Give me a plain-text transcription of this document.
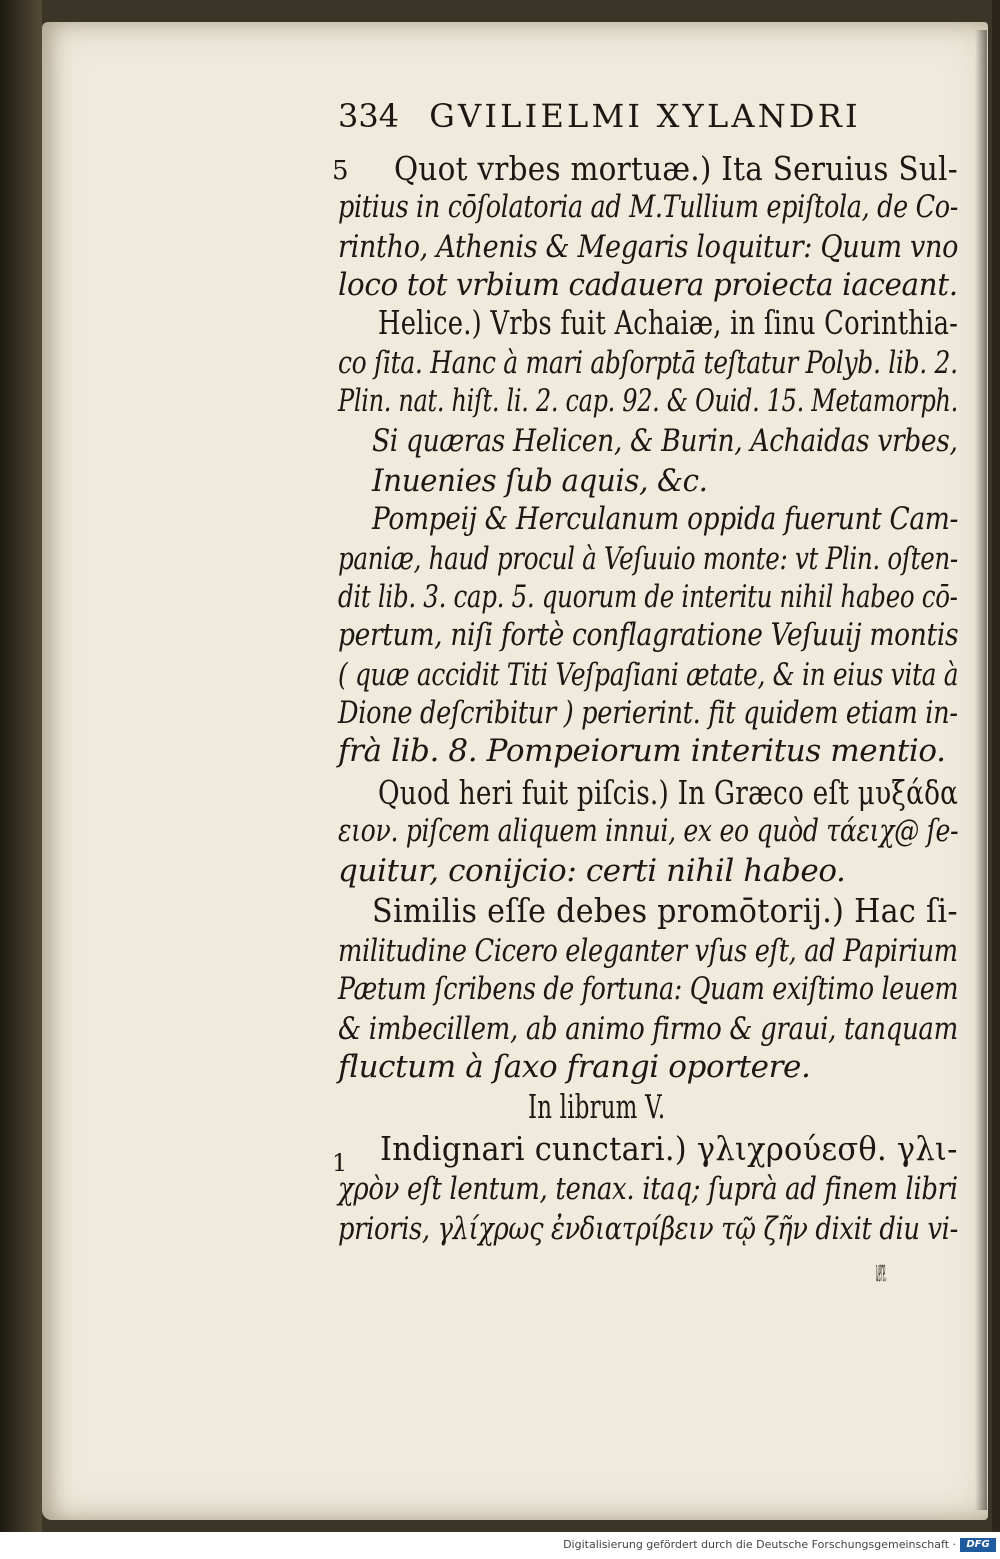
334 GVILIELMI XYLANDRI
5
1
Quot vrbes mortuæ.) Ita Seruius Sul-
pitius in cōſolatoria ad M.Tullium epiſtola, de Co-
rintho, Athenis & Megaris loquitur: Quum vno
loco tot vrbium cadauera proiecta iaceant.
Helice.) Vrbs fuit Achaiæ, in ſinu Corinthia-
co ſita. Hanc à mari abſorptā teſtatur Polyb. lib. 2.
Plin. nat. hiſt. li. 2. cap. 92. & Ouid. 15. Metamorph.
Si quæras Helicen, & Burin, Achaidas vrbes,
Inuenies ſub aquis, &c.
Pompeij & Herculanum oppida fuerunt Cam-
paniæ, haud procul à Veſuuio monte: vt Plin. oſten-
dit lib. 3. cap. 5. quorum de interitu nihil habeo cō-
pertum, niſi fortè conflagratione Veſuuij montis
( quæ accidit Titi Veſpaſiani ætate, & in eius vita à
Dione deſcribitur ) perierint. fit quidem etiam in-
frà lib. 8. Pompeiorum interitus mentio.
Quod heri fuit piſcis.) In Græco eſt μυξάδα
ειον. piſcem aliquem innui, ex eo quòd τάειχ@ ſe-
quitur, conijcio: certi nihil habeo.
Similis eſſe debes promōtorij.) Hac ſi-
militudine Cicero eleganter vſus eſt, ad Papirium
Pætum ſcribens de fortuna: Quam exiſtimo leuem
& imbecillem, ab animo firmo & graui, tanquam
fluctum à ſaxo frangi oportere.
In librum V.
Indignari cunctari.) γλιχρούεσθ. γλι-
χρὸν eſt lentum, tenax. itaq; ſuprà ad finem libri
prioris, γλίχρως ἐνδιατρίβειν τῷ ζῆν dixit diu vi-
uere.
Digitalisierung gefördert durch die Deutsche Forschungsgemeinschaft ·	DFG
